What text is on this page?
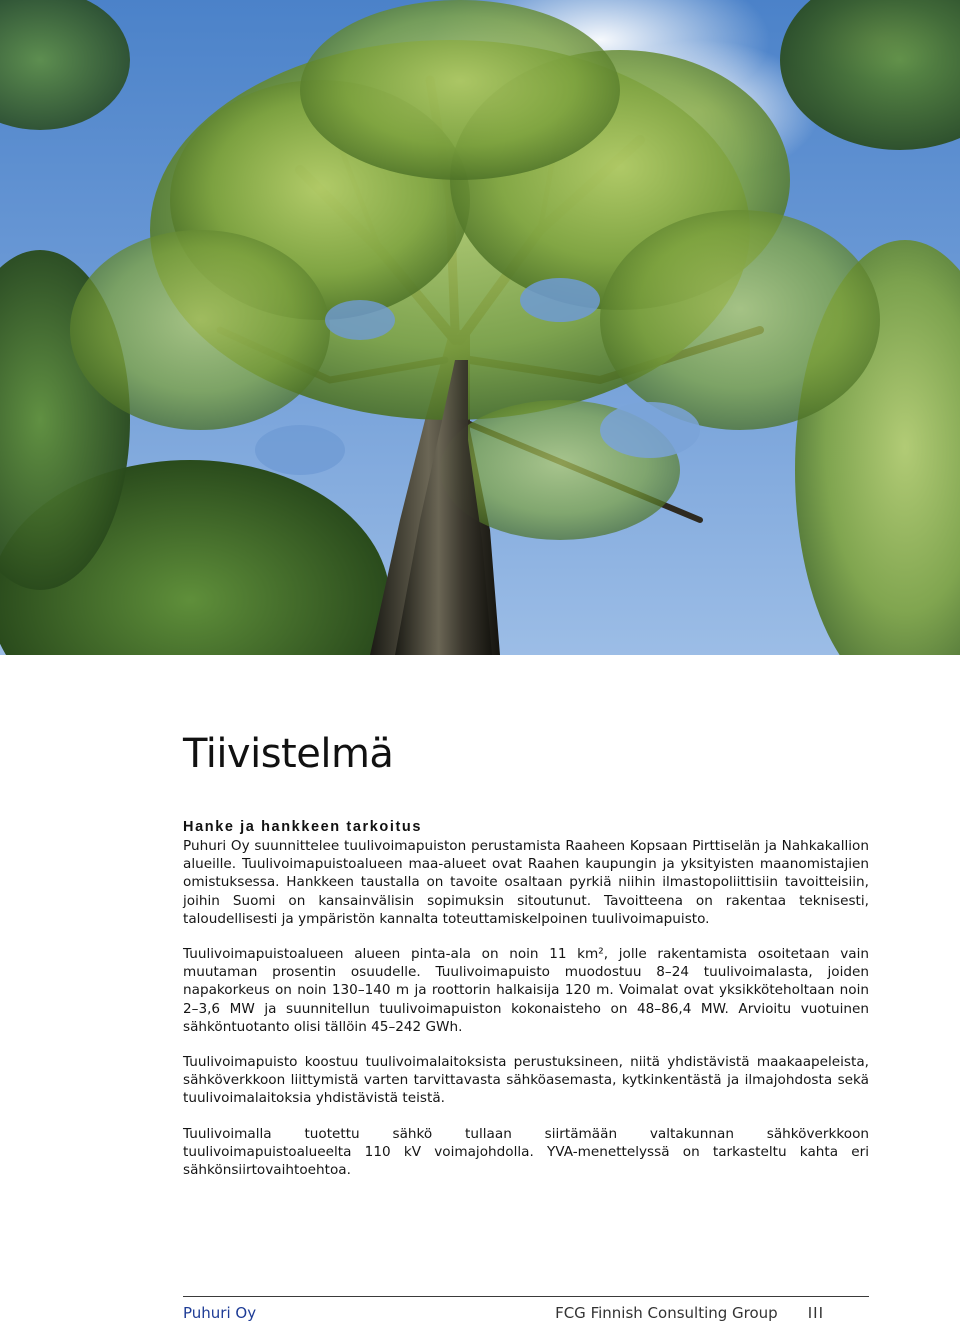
Tiivistelmä
Hanke ja hankkeen tarkoitus

Puhuri Oy suunnittelee tuulivoimapuiston perustamista Raaheen Kopsaan Pirttiselän ja Nahkakallion alueille. Tuulivoimapuistoalueen maa-alueet ovat Raahen kaupungin ja yksityisten maanomistajien omistuksessa. Hankkeen taustalla on tavoite osaltaan pyrkiä niihin ilmastopoliittisiin tavoitteisiin, joihin Suomi on kansainvälisin sopimuksin sitoutunut. Tavoitteena on rakentaa teknisesti, taloudellisesti ja ympäristön kannalta toteuttamiskelpoinen tuulivoimapuisto.

Tuulivoimapuistoalueen alueen pinta-ala on noin 11 km², jolle rakentamista osoitetaan vain muutaman prosentin osuudelle. Tuulivoimapuisto muodostuu 8–24 tuulivoimalasta, joiden napakorkeus on noin 130–140 m ja roottorin halkaisija 120 m. Voimalat ovat yksikköteholtaan noin 2–3,6 MW ja suunnitellun tuulivoimapuiston kokonaisteho on 48–86,4 MW. Arvioitu vuotuinen sähköntuotanto olisi tällöin 45–242 GWh.

Tuulivoimapuisto koostuu tuulivoimalaitoksista perustuksineen, niitä yhdistävistä maakaapeleista, sähköverkkoon liittymistä varten tarvittavasta sähköasemasta, kytkinkentästä ja ilmajohdosta sekä tuulivoimalaitoksia yhdistävistä teistä.

Tuulivoimalla tuotettu sähkö tullaan siirtämään valtakunnan sähköverkkoon tuulivoimapuistoalueelta 110 kV voimajohdolla. YVA-menettelyssä on tarkasteltu kahta eri sähkönsiirtovaihtoehtoa.

Puhuri Oy	FCG Finnish Consulting Group III
